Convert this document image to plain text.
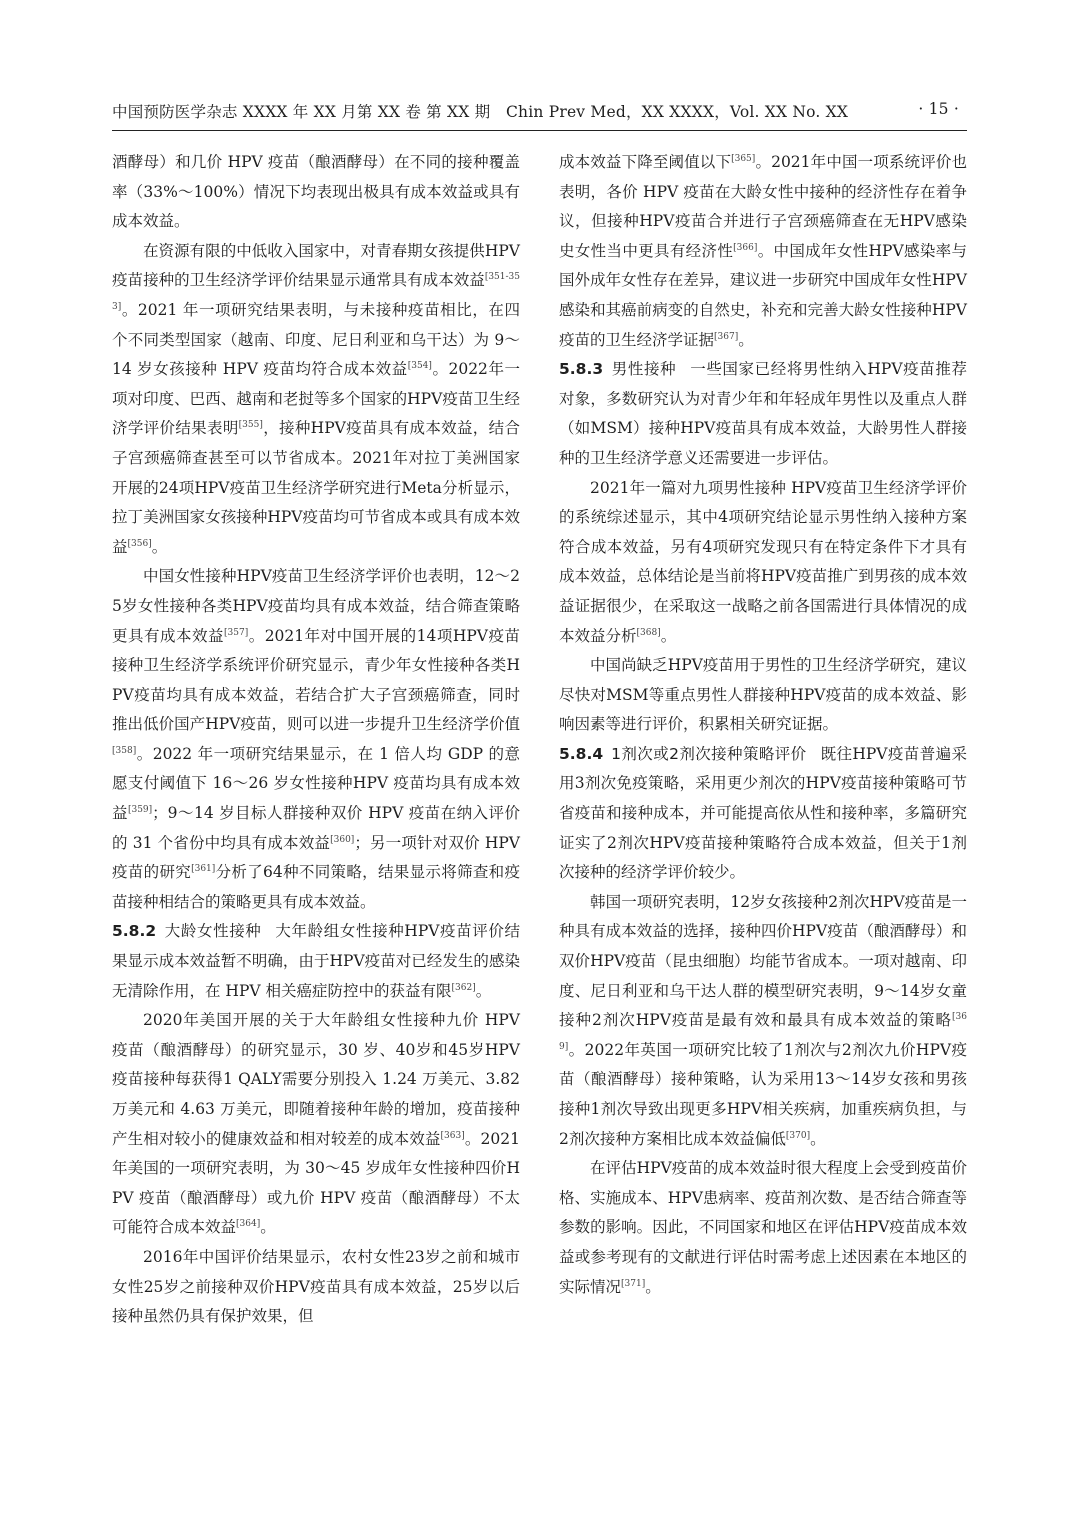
中国预防医学杂志 XXXX 年 XX 月第 XX 卷 第 XX 期　Chin Prev Med，XX XXXX，Vol. XX No. XX	· 15 ·

酒酵母）和几价 HPV 疫苗（酿酒酵母）在不同的接种覆盖率（33%～100%）情况下均表现出极具有成本效益或具有成本效益。

在资源有限的中低收入国家中，对青春期女孩提供HPV疫苗接种的卫生经济学评价结果显示通常具有成本效益[351-353]。2021 年一项研究结果表明，与未接种疫苗相比，在四个不同类型国家（越南、印度、尼日利亚和乌干达）为 9～14 岁女孩接种 HPV 疫苗均符合成本效益[354]。2022年一项对印度、巴西、越南和老挝等多个国家的HPV疫苗卫生经济学评价结果表明[355]，接种HPV疫苗具有成本效益，结合子宫颈癌筛查甚至可以节省成本。2021年对拉丁美洲国家开展的24项HPV疫苗卫生经济学研究进行Meta分析显示，拉丁美洲国家女孩接种HPV疫苗均可节省成本或具有成本效益[356]。

中国女性接种HPV疫苗卫生经济学评价也表明，12～25岁女性接种各类HPV疫苗均具有成本效益，结合筛查策略更具有成本效益[357]。2021年对中国开展的14项HPV疫苗接种卫生经济学系统评价研究显示，青少年女性接种各类HPV疫苗均具有成本效益，若结合扩大子宫颈癌筛查，同时推出低价国产HPV疫苗，则可以进一步提升卫生经济学价值[358]。2022 年一项研究结果显示，在 1 倍人均 GDP 的意愿支付阈值下 16～26 岁女性接种HPV 疫苗均具有成本效益[359]；9～14 岁目标人群接种双价 HPV 疫苗在纳入评价的 31 个省份中均具有成本效益[360]；另一项针对双价 HPV 疫苗的研究[361]分析了64种不同策略，结果显示将筛查和疫苗接种相结合的策略更具有成本效益。

5.8.2 大龄女性接种 大年龄组女性接种HPV疫苗评价结果显示成本效益暂不明确，由于HPV疫苗对已经发生的感染无清除作用，在 HPV 相关癌症防控中的获益有限[362]。

2020年美国开展的关于大年龄组女性接种九价 HPV 疫苗（酿酒酵母）的研究显示，30 岁、40岁和45岁HPV疫苗接种每获得1 QALY需要分别投入 1.24 万美元、3.82 万美元和 4.63 万美元，即随着接种年龄的增加，疫苗接种产生相对较小的健康效益和相对较差的成本效益[363]。2021年美国的一项研究表明，为 30～45 岁成年女性接种四价HPV 疫苗（酿酒酵母）或九价 HPV 疫苗（酿酒酵母）不太可能符合成本效益[364]。

2016年中国评价结果显示，农村女性23岁之前和城市女性25岁之前接种双价HPV疫苗具有成本效益，25岁以后接种虽然仍具有保护效果，但

成本效益下降至阈值以下[365]。2021年中国一项系统评价也表明，各价 HPV 疫苗在大龄女性中接种的经济性存在着争议，但接种HPV疫苗合并进行子宫颈癌筛查在无HPV感染史女性当中更具有经济性[366]。中国成年女性HPV感染率与国外成年女性存在差异，建议进一步研究中国成年女性HPV感染和其癌前病变的自然史，补充和完善大龄女性接种HPV疫苗的卫生经济学证据[367]。

5.8.3 男性接种 一些国家已经将男性纳入HPV疫苗推荐对象，多数研究认为对青少年和年轻成年男性以及重点人群（如MSM）接种HPV疫苗具有成本效益，大龄男性人群接种的卫生经济学意义还需要进一步评估。

2021年一篇对九项男性接种 HPV疫苗卫生经济学评价的系统综述显示，其中4项研究结论显示男性纳入接种方案符合成本效益，另有4项研究发现只有在特定条件下才具有成本效益，总体结论是当前将HPV疫苗推广到男孩的成本效益证据很少，在采取这一战略之前各国需进行具体情况的成本效益分析[368]。

中国尚缺乏HPV疫苗用于男性的卫生经济学研究，建议尽快对MSM等重点男性人群接种HPV疫苗的成本效益、影响因素等进行评价，积累相关研究证据。

5.8.4 1剂次或2剂次接种策略评价 既往HPV疫苗普遍采用3剂次免疫策略，采用更少剂次的HPV疫苗接种策略可节省疫苗和接种成本，并可能提高依从性和接种率，多篇研究证实了2剂次HPV疫苗接种策略符合成本效益，但关于1剂次接种的经济学评价较少。

韩国一项研究表明，12岁女孩接种2剂次HPV疫苗是一种具有成本效益的选择，接种四价HPV疫苗（酿酒酵母）和双价HPV疫苗（昆虫细胞）均能节省成本。一项对越南、印度、尼日利亚和乌干达人群的模型研究表明，9～14岁女童接种2剂次HPV疫苗是最有效和最具有成本效益的策略[369]。2022年英国一项研究比较了1剂次与2剂次九价HPV疫苗（酿酒酵母）接种策略，认为采用13～14岁女孩和男孩接种1剂次导致出现更多HPV相关疾病，加重疾病负担，与2剂次接种方案相比成本效益偏低[370]。

在评估HPV疫苗的成本效益时很大程度上会受到疫苗价格、实施成本、HPV患病率、疫苗剂次数、是否结合筛查等参数的影响。因此，不同国家和地区在评估HPV疫苗成本效益或参考现有的文献进行评估时需考虑上述因素在本地区的实际情况[371]。
